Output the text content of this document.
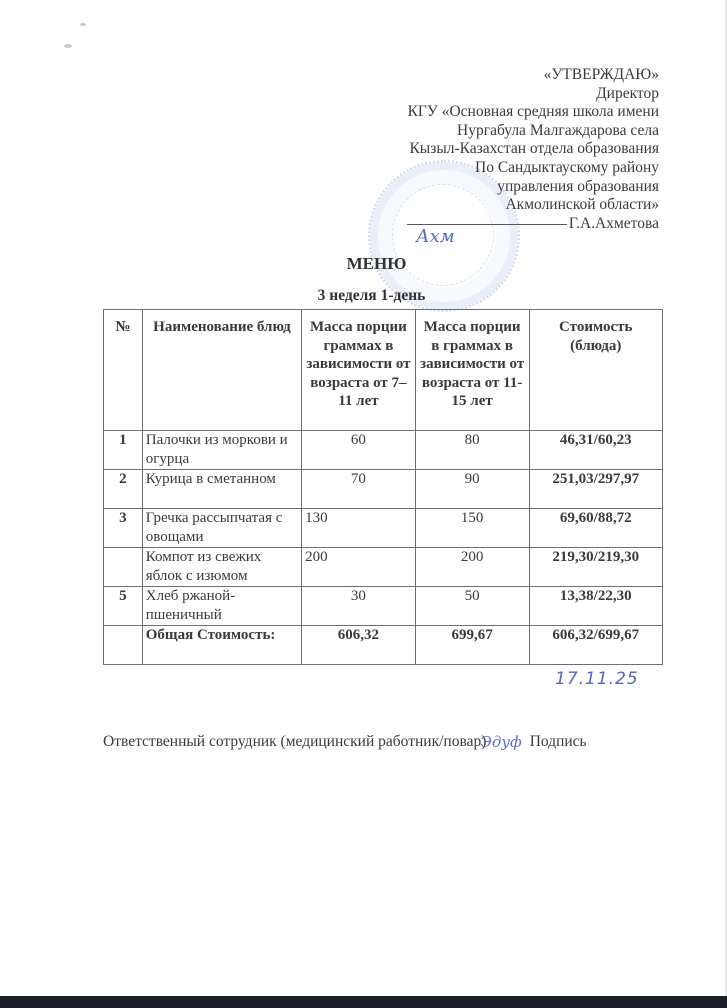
«УТВЕРЖДАЮ»
Директор
КГУ «Основная средняя школа имени
Нургабула Малгаждарова села
Кызыл-Казахстан отдела образования
По Сандыктаускому району
управления образования
Акмолинской области»
Г.А.Ахметова
Ахм
МЕНЮ
3 неделя 1-день
№	Наименование блюд	Масса порции граммах в зависимости от возраста от 7–11 лет	Масса порции в граммах в зависимости от возраста от 11-15 лет	Стоимость (блюда)
1	Палочки из моркови и огурца	60	80	46,31/60,23
2	Курица в сметанном	70	90	251,03/297,97
3	Гречка рассыпчатая с овощами	130	150	69,60/88,72
	Компот из свежих яблок с изюмом	200	200	219,30/219,30
5	Хлеб ржаной-пшеничный	30	50	13,38/22,30
	Общая Стоимость:	606,32	699,67	606,32/699,67
17.11.25
Ответственный сотрудник (медицинский работник/повар)Эдуф Подпись
